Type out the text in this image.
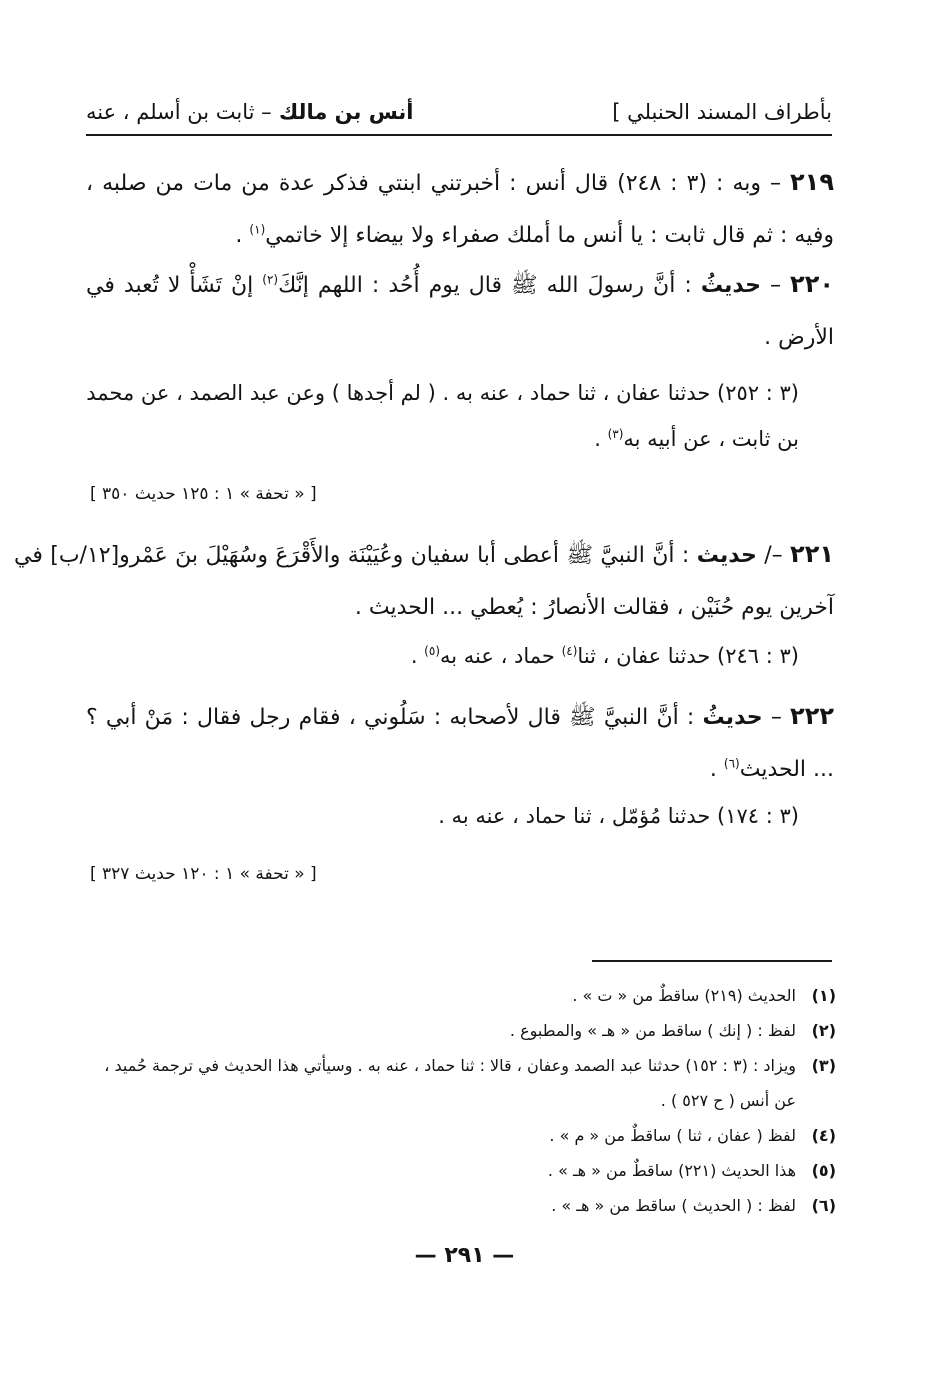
بأطراف المسند الحنبلي ]
أنس بن مالك – ثابت بن أسلم ، عنه
٢١٩ – وبه : (٣ : ٢٤٨) قال أنس : أخبرتني ابنتي فذكر عدة من مات من صلبه ، وفيه : ثم قال ثابت : يا أنس ما أملك صفراء ولا بيضاء إلا خاتمي$^{(١)}$ .
٢٢٠ – حديثُ : أنَّ رسولَ الله ﷺ قال يوم أُحُد : اللهم إنَّكَ$^{(٢)}$ إنْ تَشَأْ لا تُعبد في الأرض .
(٣ : ٢٥٢) حدثنا عفان ، ثنا حماد ، عنه به . ( لم أجدها ) وعن عبد الصمد ، عن محمد بن ثابت ، عن أبيه به$^{(٣)}$ .
[ « تحفة » ١ : ١٢٥ حديث ٣٥٠ ]
٢٢١ –/ حديث : أنَّ النبيَّ ﷺ أعطى أبا سفيان وعُيَيْنَة والأَقْرَعَ وسُهَيْلَ بنَ عَمْرو[١٢/ب] في آخرين يوم حُنَيْن ، فقالت الأنصارُ : يُعطي ... الحديث .
(٣ : ٢٤٦) حدثنا عفان ، ثنا$^{(٤)}$ حماد ، عنه به$^{(٥)}$ .
٢٢٢ – حديثُ : أنَّ النبيَّ ﷺ قال لأصحابه : سَلُوني ، فقام رجل فقال : مَنْ أبي ؟ ... الحديث$^{(٦)}$ .
(٣ : ١٧٤) حدثنا مُؤمّل ، ثنا حماد ، عنه به .
[ « تحفة » ١ : ١٢٠ حديث ٣٢٧ ]
(١)الحديث (٢١٩) ساقطٌ من « ت » .
(٢)لفظ : ( إنك ) ساقط من « هـ » والمطبوع .
(٣)ويزاد : (٣ : ١٥٢) حدثنا عبد الصمد وعفان ، قالا : ثنا حماد ، عنه به . وسيأتي هذا الحديث في ترجمة حُميد ، عن أنس ( ح ٥٢٧ ) .
(٤)لفظ ( عفان ، ثنا ) ساقطٌ من « م » .
(٥)هذا الحديث (٢٢١) ساقطٌ من « هـ » .
(٦)لفظ : ( الحديث ) ساقط من « هـ » .
— ٢٩١ —
